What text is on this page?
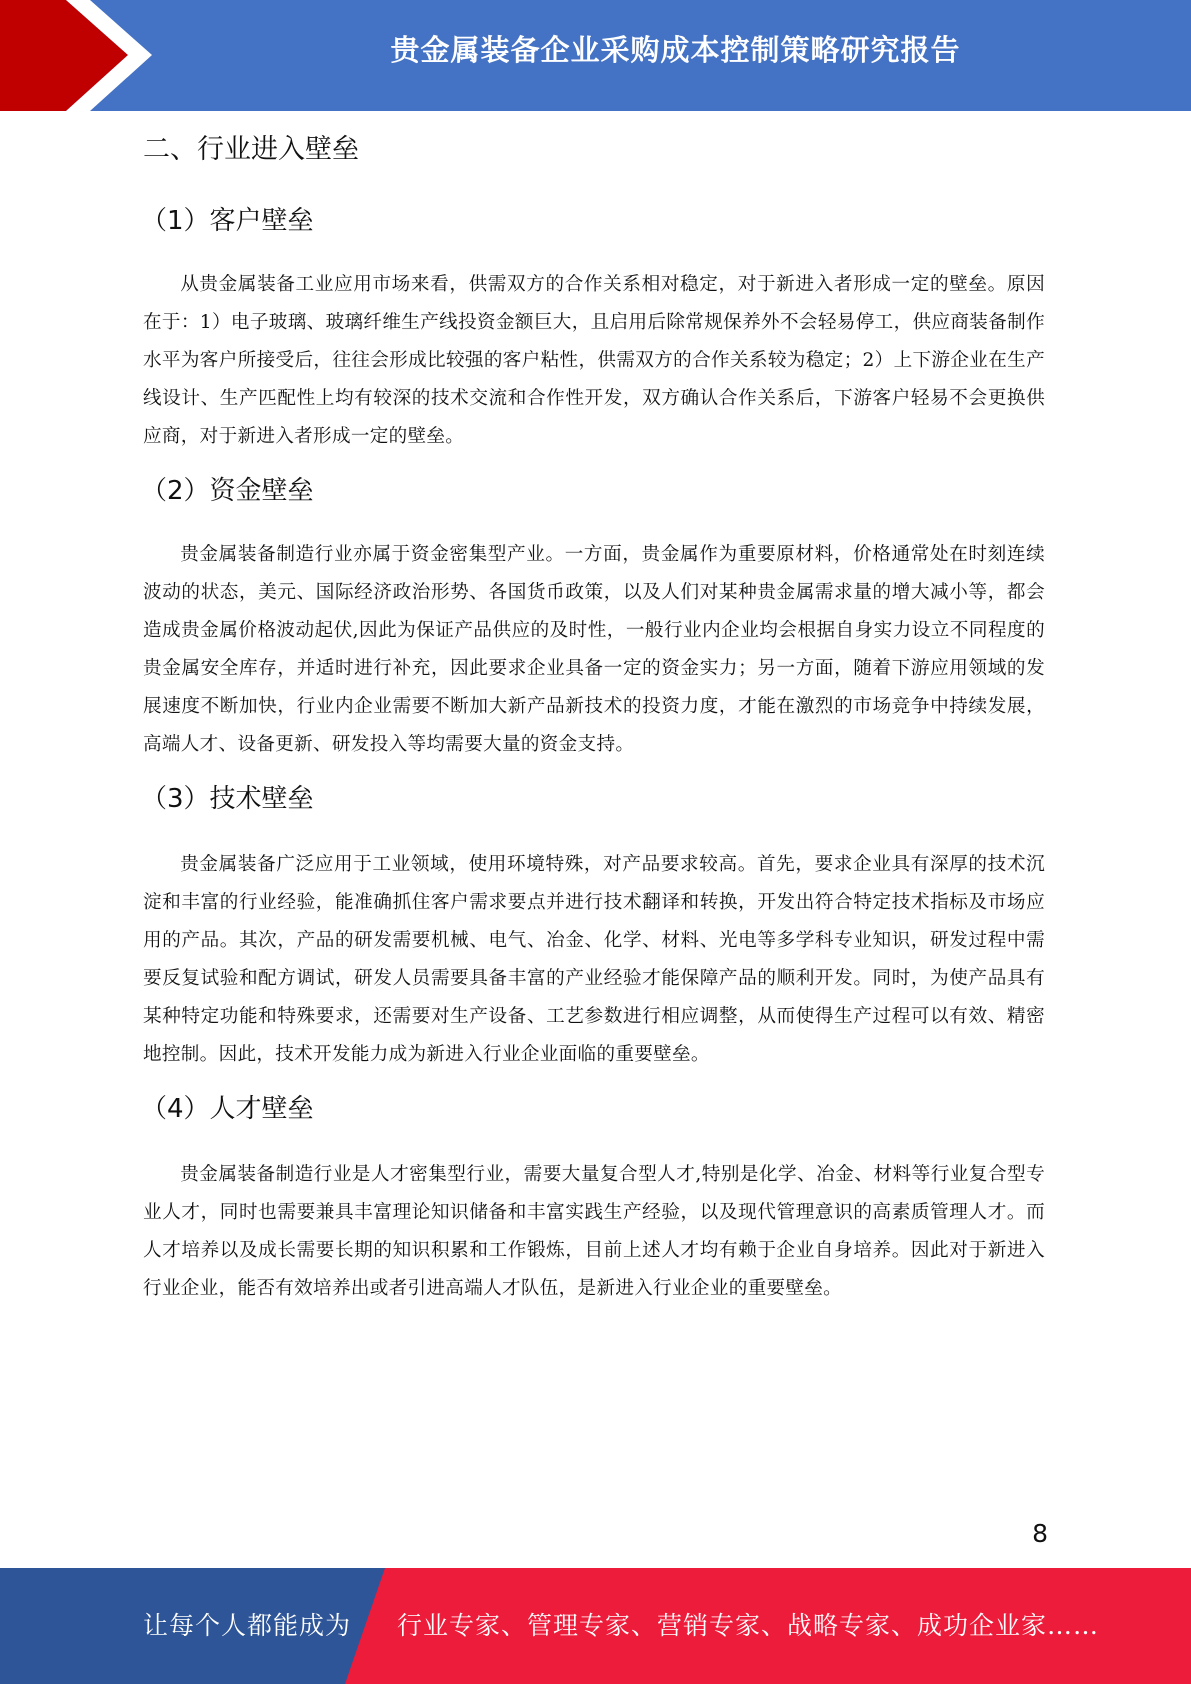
贵金属装备企业采购成本控制策略研究报告
二、行业进入壁垒
（1）客户壁垒

从贵金属装备工业应用市场来看，供需双方的合作关系相对稳定，对于新进入者形成一定的壁垒。原因在于：1）电子玻璃、玻璃纤维生产线投资金额巨大，且启用后除常规保养外不会轻易停工，供应商装备制作水平为客户所接受后，往往会形成比较强的客户粘性，供需双方的合作关系较为稳定；2）上下游企业在生产线设计、生产匹配性上均有较深的技术交流和合作性开发，双方确认合作关系后，下游客户轻易不会更换供应商，对于新进入者形成一定的壁垒。

（2）资金壁垒

贵金属装备制造行业亦属于资金密集型产业。一方面，贵金属作为重要原材料，价格通常处在时刻连续波动的状态，美元、国际经济政治形势、各国货币政策，以及人们对某种贵金属需求量的增大减小等，都会造成贵金属价格波动起伏,因此为保证产品供应的及时性，一般行业内企业均会根据自身实力设立不同程度的贵金属安全库存，并适时进行补充，因此要求企业具备一定的资金实力；另一方面，随着下游应用领域的发展速度不断加快，行业内企业需要不断加大新产品新技术的投资力度，才能在激烈的市场竞争中持续发展，高端人才、设备更新、研发投入等均需要大量的资金支持。

（3）技术壁垒

贵金属装备广泛应用于工业领域，使用环境特殊，对产品要求较高。首先，要求企业具有深厚的技术沉淀和丰富的行业经验，能准确抓住客户需求要点并进行技术翻译和转换，开发出符合特定技术指标及市场应用的产品。其次，产品的研发需要机械、电气、冶金、化学、材料、光电等多学科专业知识，研发过程中需要反复试验和配方调试，研发人员需要具备丰富的产业经验才能保障产品的顺利开发。同时，为使产品具有某种特定功能和特殊要求，还需要对生产设备、工艺参数进行相应调整，从而使得生产过程可以有效、精密地控制。因此，技术开发能力成为新进入行业企业面临的重要壁垒。

（4）人才壁垒

贵金属装备制造行业是人才密集型行业，需要大量复合型人才,特别是化学、冶金、材料等行业复合型专业人才，同时也需要兼具丰富理论知识储备和丰富实践生产经验，以及现代管理意识的高素质管理人才。而人才培养以及成长需要长期的知识积累和工作锻炼，目前上述人才均有赖于企业自身培养。因此对于新进入行业企业，能否有效培养出或者引进高端人才队伍，是新进入行业企业的重要壁垒。

8
让每个人都能成为 行业专家、管理专家、营销专家、战略专家、成功企业家……
